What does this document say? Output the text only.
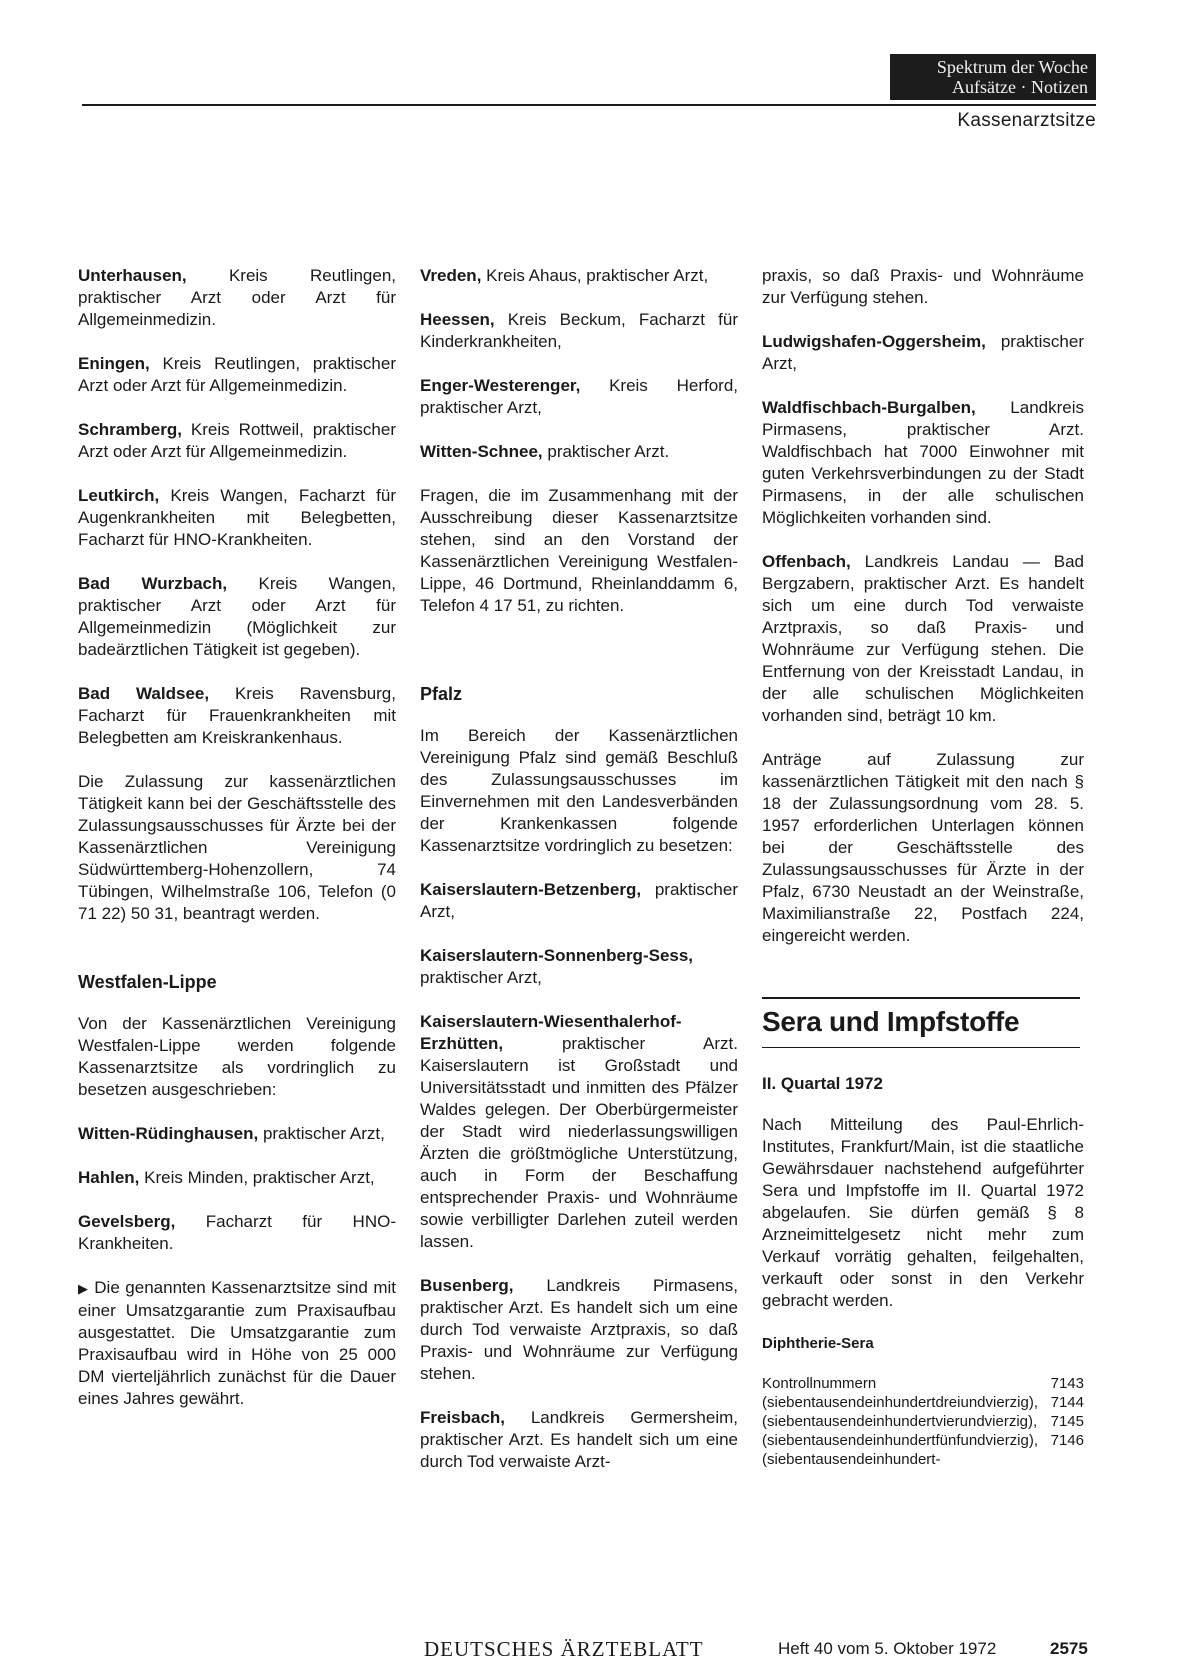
Spektrum der Woche
Aufsätze · Notizen
Kassenarztsitze

Unterhausen, Kreis Reutlingen, praktischer Arzt oder Arzt für Allgemeinmedizin.

Eningen, Kreis Reutlingen, praktischer Arzt oder Arzt für Allgemeinmedizin.

Schramberg, Kreis Rottweil, praktischer Arzt oder Arzt für Allgemeinmedizin.

Leutkirch, Kreis Wangen, Facharzt für Augenkrankheiten mit Belegbetten, Facharzt für HNO-Krankheiten.

Bad Wurzbach, Kreis Wangen, praktischer Arzt oder Arzt für Allgemeinmedizin (Möglichkeit zur badeärztlichen Tätigkeit ist gegeben).

Bad Waldsee, Kreis Ravensburg, Facharzt für Frauenkrankheiten mit Belegbetten am Kreiskrankenhaus.

Die Zulassung zur kassenärztlichen Tätigkeit kann bei der Geschäftsstelle des Zulassungsausschusses für Ärzte bei der Kassenärztlichen Vereinigung Südwürttemberg-Hohenzollern, 74 Tübingen, Wilhelmstraße 106, Telefon (0 71 22) 50 31, beantragt werden.

Westfalen-Lippe

Von der Kassenärztlichen Vereinigung Westfalen-Lippe werden folgende Kassenarztsitze als vordringlich zu besetzen ausgeschrieben:

Witten-Rüdinghausen, praktischer Arzt,

Hahlen, Kreis Minden, praktischer Arzt,

Gevelsberg, Facharzt für HNO-Krankheiten.

▶ Die genannten Kassenarztsitze sind mit einer Umsatzgarantie zum Praxisaufbau ausgestattet. Die Umsatzgarantie zum Praxisaufbau wird in Höhe von 25 000 DM vierteljährlich zunächst für die Dauer eines Jahres gewährt.

Vreden, Kreis Ahaus, praktischer Arzt,

Heessen, Kreis Beckum, Facharzt für Kinderkrankheiten,

Enger-Westerenger, Kreis Herford, praktischer Arzt,

Witten-Schnee, praktischer Arzt.

Fragen, die im Zusammenhang mit der Ausschreibung dieser Kassenarztsitze stehen, sind an den Vorstand der Kassenärztlichen Vereinigung Westfalen-Lippe, 46 Dortmund, Rheinlanddamm 6, Telefon 4 17 51, zu richten.

Pfalz

Im Bereich der Kassenärztlichen Vereinigung Pfalz sind gemäß Beschluß des Zulassungsausschusses im Einvernehmen mit den Landesverbänden der Krankenkassen folgende Kassenarztsitze vordringlich zu besetzen:

Kaiserslautern-Betzenberg, praktischer Arzt,

Kaiserslautern-Sonnenberg-Sess, praktischer Arzt,

Kaiserslautern-Wiesenthalerhof-Erzhütten, praktischer Arzt. Kaiserslautern ist Großstadt und Universitätsstadt und inmitten des Pfälzer Waldes gelegen. Der Oberbürgermeister der Stadt wird niederlassungswilligen Ärzten die größtmögliche Unterstützung, auch in Form der Beschaffung entsprechender Praxis- und Wohnräume sowie verbilligter Darlehen zuteil werden lassen.

Busenberg, Landkreis Pirmasens, praktischer Arzt. Es handelt sich um eine durch Tod verwaiste Arztpraxis, so daß Praxis- und Wohnräume zur Verfügung stehen.

Freisbach, Landkreis Germersheim, praktischer Arzt. Es handelt sich um eine durch Tod verwaiste Arzt-

praxis, so daß Praxis- und Wohnräume zur Verfügung stehen.

Ludwigshafen-Oggersheim, praktischer Arzt,

Waldfischbach-Burgalben, Landkreis Pirmasens, praktischer Arzt. Waldfischbach hat 7000 Einwohner mit guten Verkehrsverbindungen zu der Stadt Pirmasens, in der alle schulischen Möglichkeiten vorhanden sind.

Offenbach, Landkreis Landau — Bad Bergzabern, praktischer Arzt. Es handelt sich um eine durch Tod verwaiste Arztpraxis, so daß Praxis- und Wohnräume zur Verfügung stehen. Die Entfernung von der Kreisstadt Landau, in der alle schulischen Möglichkeiten vorhanden sind, beträgt 10 km.

Anträge auf Zulassung zur kassenärztlichen Tätigkeit mit den nach § 18 der Zulassungsordnung vom 28. 5. 1957 erforderlichen Unterlagen können bei der Geschäftsstelle des Zulassungsausschusses für Ärzte in der Pfalz, 6730 Neustadt an der Weinstraße, Maximilianstraße 22, Postfach 224, eingereicht werden.

Sera und Impfstoffe
II. Quartal 1972

Nach Mitteilung des Paul-Ehrlich-Institutes, Frankfurt/Main, ist die staatliche Gewährsdauer nachstehend aufgeführter Sera und Impfstoffe im II. Quartal 1972 abgelaufen. Sie dürfen gemäß § 8 Arzneimittelgesetz nicht mehr zum Verkauf vorrätig gehalten, feilgehalten, verkauft oder sonst in den Verkehr gebracht werden.

Diphtherie-Sera

Kontrollnummern 7143 (siebentausendeinhundertdreiundvierzig), 7144 (siebentausendeinhundertvierundvierzig), 7145 (siebentausendeinhundertfünfundvierzig), 7146 (siebentausendeinhundert-

DEUTSCHES ÄRZTEBLATT	Heft 40 vom 5. Oktober 1972	2575
